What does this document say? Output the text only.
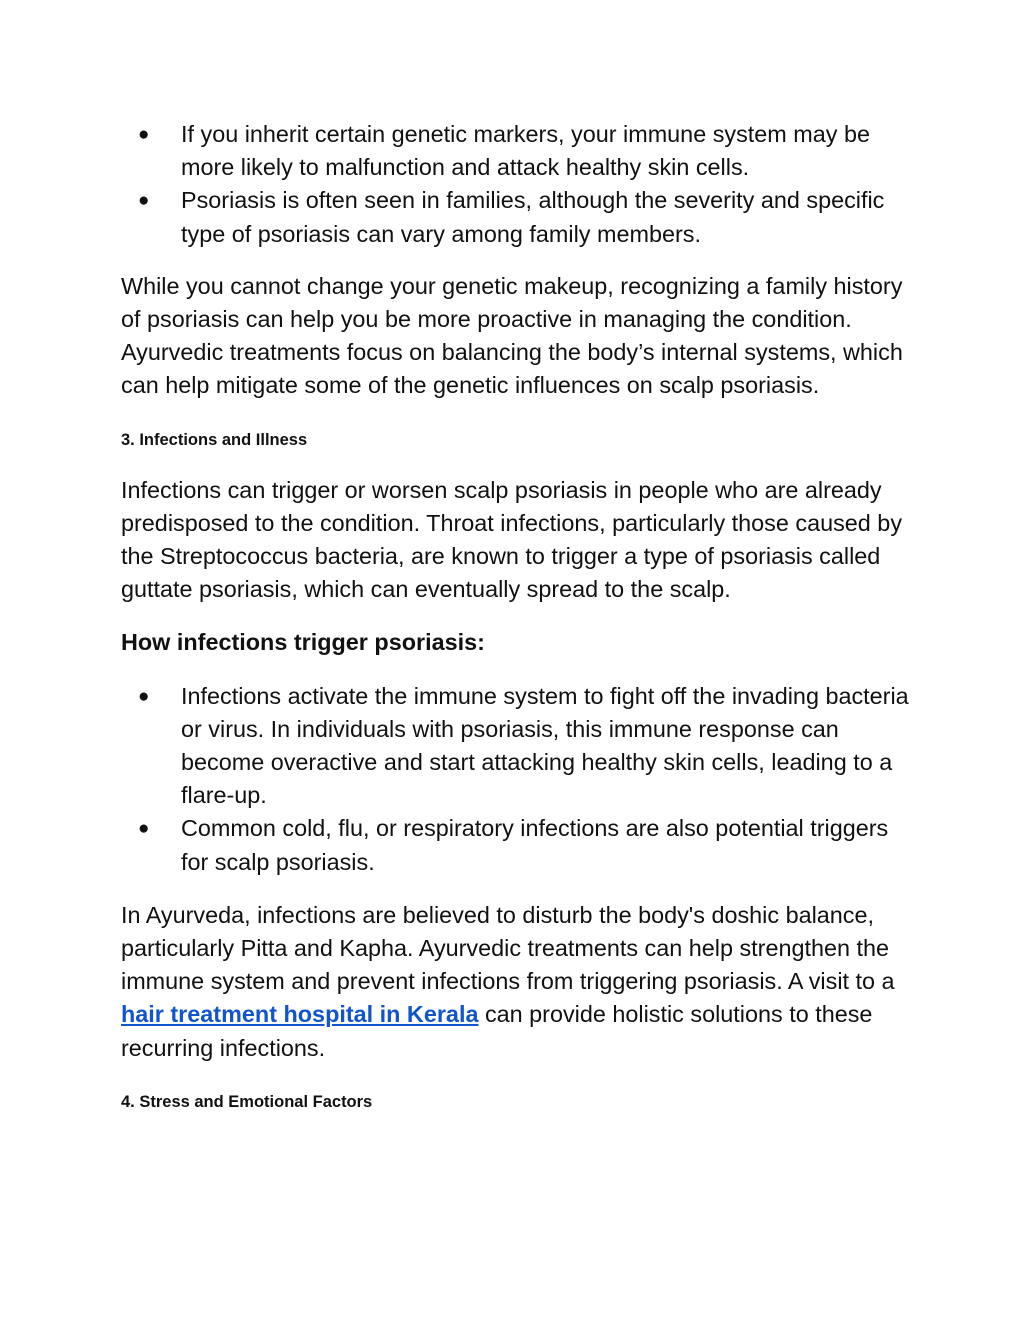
● If you inherit certain genetic markers, your immune system may be more likely to malfunction and attack healthy skin cells.
● Psoriasis is often seen in families, although the severity and specific type of psoriasis can vary among family members.

While you cannot change your genetic makeup, recognizing a family history of psoriasis can help you be more proactive in managing the condition. Ayurvedic treatments focus on balancing the body’s internal systems, which can help mitigate some of the genetic influences on scalp psoriasis.

3. Infections and Illness

Infections can trigger or worsen scalp psoriasis in people who are already predisposed to the condition. Throat infections, particularly those caused by the Streptococcus bacteria, are known to trigger a type of psoriasis called guttate psoriasis, which can eventually spread to the scalp.

How infections trigger psoriasis:
● Infections activate the immune system to fight off the invading bacteria or virus. In individuals with psoriasis, this immune response can become overactive and start attacking healthy skin cells, leading to a flare-up.
● Common cold, flu, or respiratory infections are also potential triggers for scalp psoriasis.

In Ayurveda, infections are believed to disturb the body's doshic balance, particularly Pitta and Kapha. Ayurvedic treatments can help strengthen the immune system and prevent infections from triggering psoriasis. A visit to a hair treatment hospital in Kerala can provide holistic solutions to these recurring infections.

4. Stress and Emotional Factors
